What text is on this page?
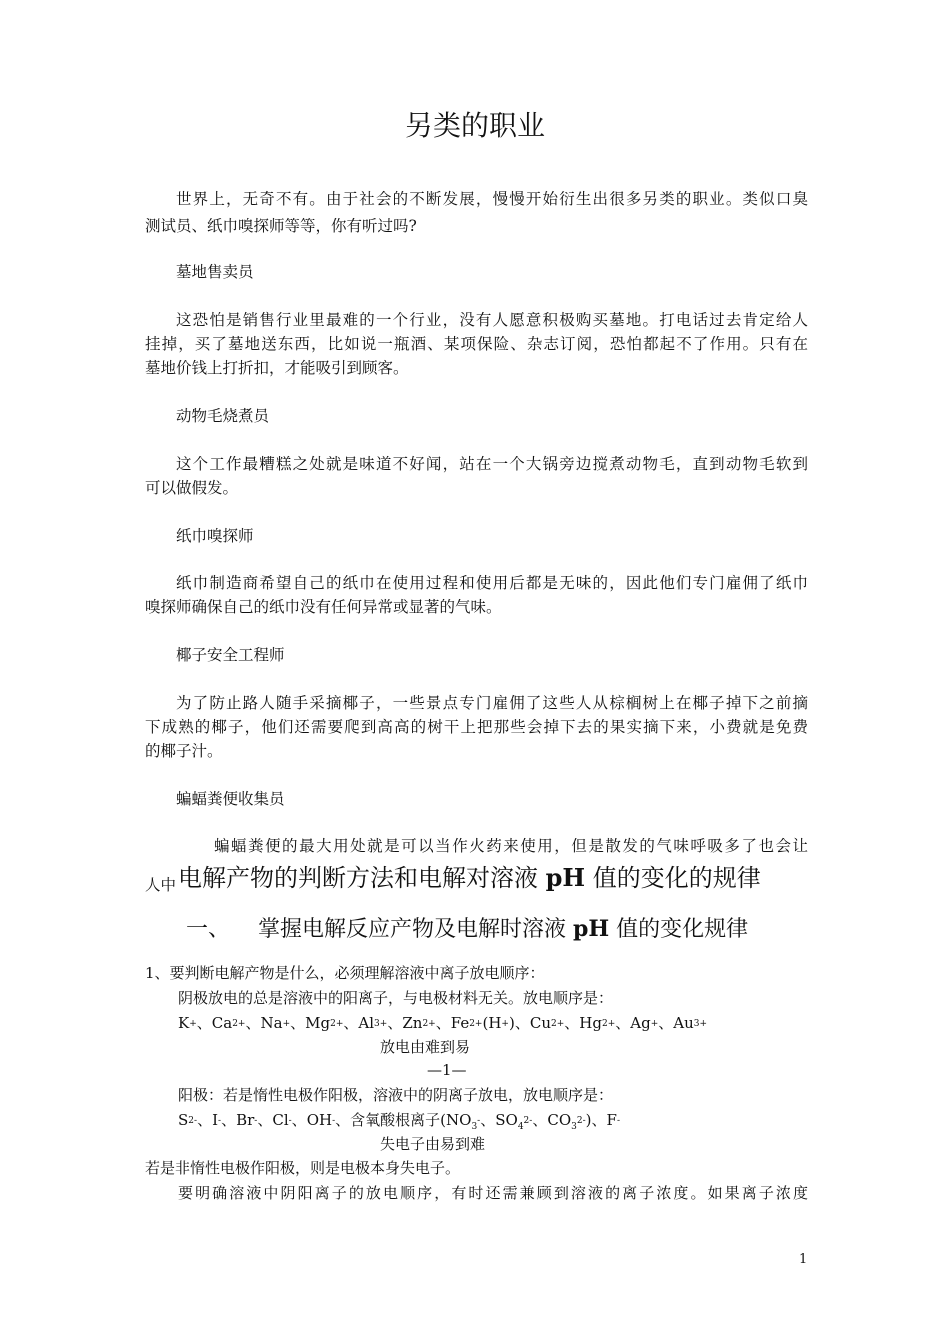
另类的职业
世界上，无奇不有。由于社会的不断发展，慢慢开始衍生出很多另类的职业。类似口臭
测试员、纸巾嗅探师等等，你有听过吗?
墓地售卖员
这恐怕是销售行业里最难的一个行业，没有人愿意积极购买墓地。打电话过去肯定给人
挂掉，买了墓地送东西，比如说一瓶酒、某项保险、杂志订阅，恐怕都起不了作用。只有在
墓地价钱上打折扣，才能吸引到顾客。
动物毛烧煮员
这个工作最糟糕之处就是味道不好闻，站在一个大锅旁边搅煮动物毛，直到动物毛软到
可以做假发。
纸巾嗅探师
纸巾制造商希望自己的纸巾在使用过程和使用后都是无味的，因此他们专门雇佣了纸巾
嗅探师确保自己的纸巾没有任何异常或显著的气味。
椰子安全工程师
为了防止路人随手采摘椰子，一些景点专门雇佣了这些人从棕榈树上在椰子掉下之前摘
下成熟的椰子，他们还需要爬到高高的树干上把那些会掉下去的果实摘下来，小费就是免费
的椰子汁。
蝙蝠粪便收集员
蝙蝠粪便的最大用处就是可以当作火药来使用，但是散发的气味呼吸多了也会让
人中 电解产物的判断方法和电解对溶液 pH 值的变化的规律
一、 掌握电解反应产物及电解时溶液 pH 值的变化规律
1、要判断电解产物是什么，必须理解溶液中离子放电顺序：
阴极放电的总是溶液中的阳离子，与电极材料无关。放电顺序是：
K+、Ca2+、Na+、Mg2+、Al3+、Zn2+、Fe2+(H+)、Cu2+、Hg2+、Ag+、Au3+
放电由难到易
—1—
阳极：若是惰性电极作阳极，溶液中的阴离子放电，放电顺序是：
S2-、I-、Br-、Cl-、OH-、含氧酸根离子($NO_3-$、$SO_42-$、$CO_32-$)、F-
失电子由易到难
若是非惰性电极作阳极，则是电极本身失电子。
要明确溶液中阴阳离子的放电顺序，有时还需兼顾到溶液的离子浓度。如果离子浓度
1
